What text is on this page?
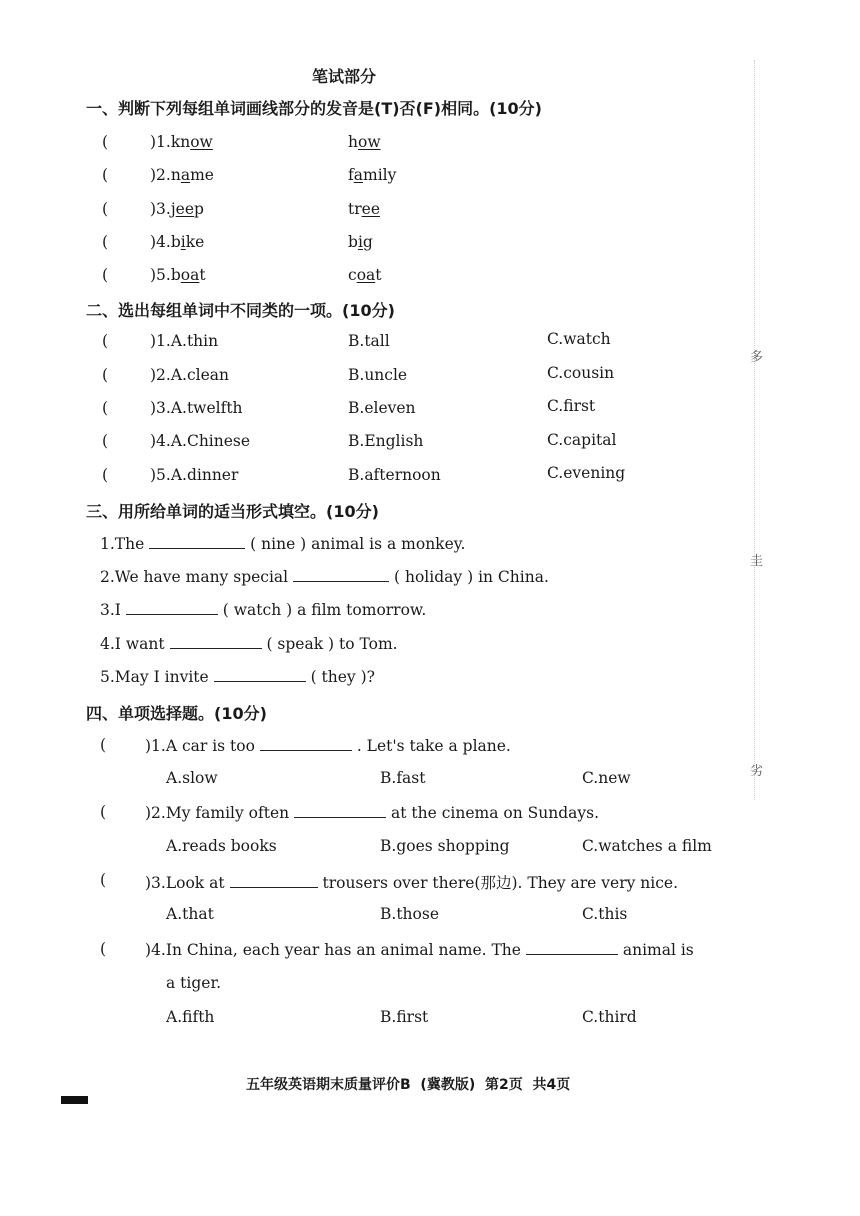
多
圭
劣
笔试部分
一、判断下列每组单词画线部分的发音是(T)否(F)相同。(10分)
(	)1.know	how
(	)2.name	family
(	)3.jeep	tree
(	)4.bike	big
(	)5.boat	coat
二、选出每组单词中不同类的一项。(10分)
(	)1.A.thin	B.tall	C.watch
(	)2.A.clean	B.uncle	C.cousin
(	)3.A.twelfth	B.eleven	C.first
(	)4.A.Chinese	B.English	C.capital
(	)5.A.dinner	B.afternoon	C.evening
三、用所给单词的适当形式填空。(10分)
1.The	( nine ) animal is a monkey.
2.We have many special	( holiday ) in China.
3.I	( watch ) a film tomorrow.
4.I want	( speak ) to Tom.
5.May I invite	( they )?
四、单项选择题。(10分)
(	)1.A car is too	. Let's take a plane.
A.slow	B.fast	C.new
(	)2.My family often	at the cinema on Sundays.
A.reads books	B.goes shopping	C.watches a film
(	)3.Look at	trousers over there(那边). They are very nice.
A.that	B.those	C.this
(	)4.In China, each year has an animal name. The	animal is
a tiger.
A.fifth	B.first	C.third
五年级英语期末质量评价B  (冀教版)  第2页  共4页
